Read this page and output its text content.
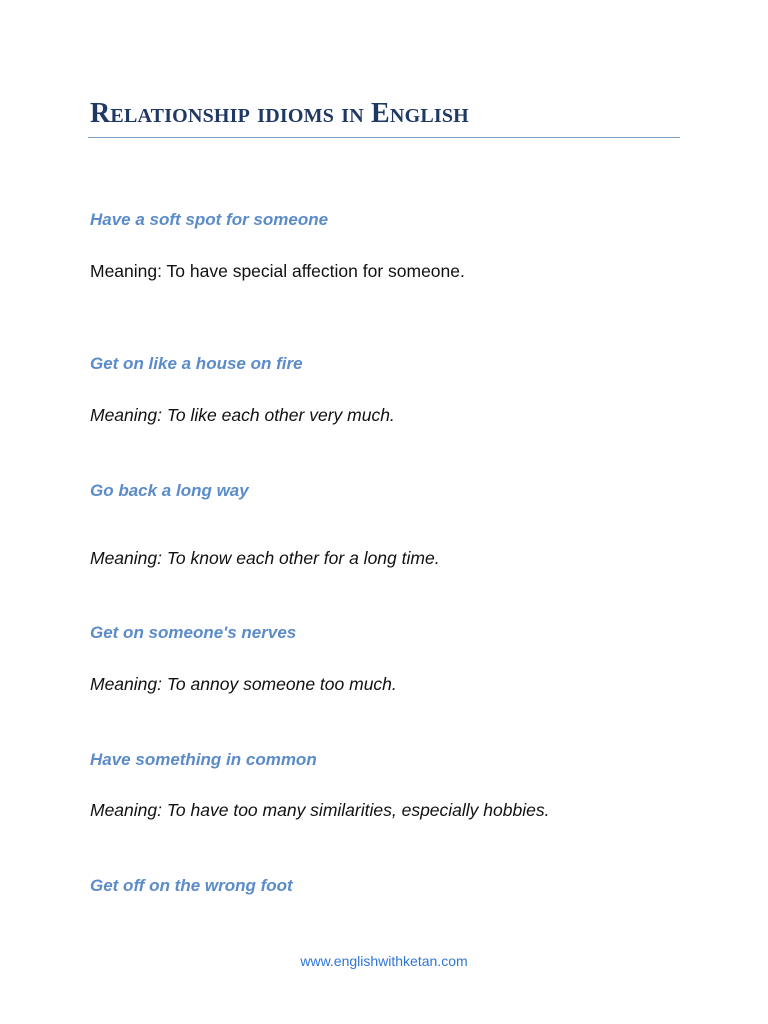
Relationship idioms in English

Have a soft spot for someone

Meaning: To have special affection for someone.

Get on like a house on fire

Meaning: To like each other very much.

Go back a long way

Meaning: To know each other for a long time.

Get on someone's nerves

Meaning: To annoy someone too much.

Have something in common

Meaning: To have too many similarities, especially hobbies.

Get off on the wrong foot

www.englishwithketan.com
